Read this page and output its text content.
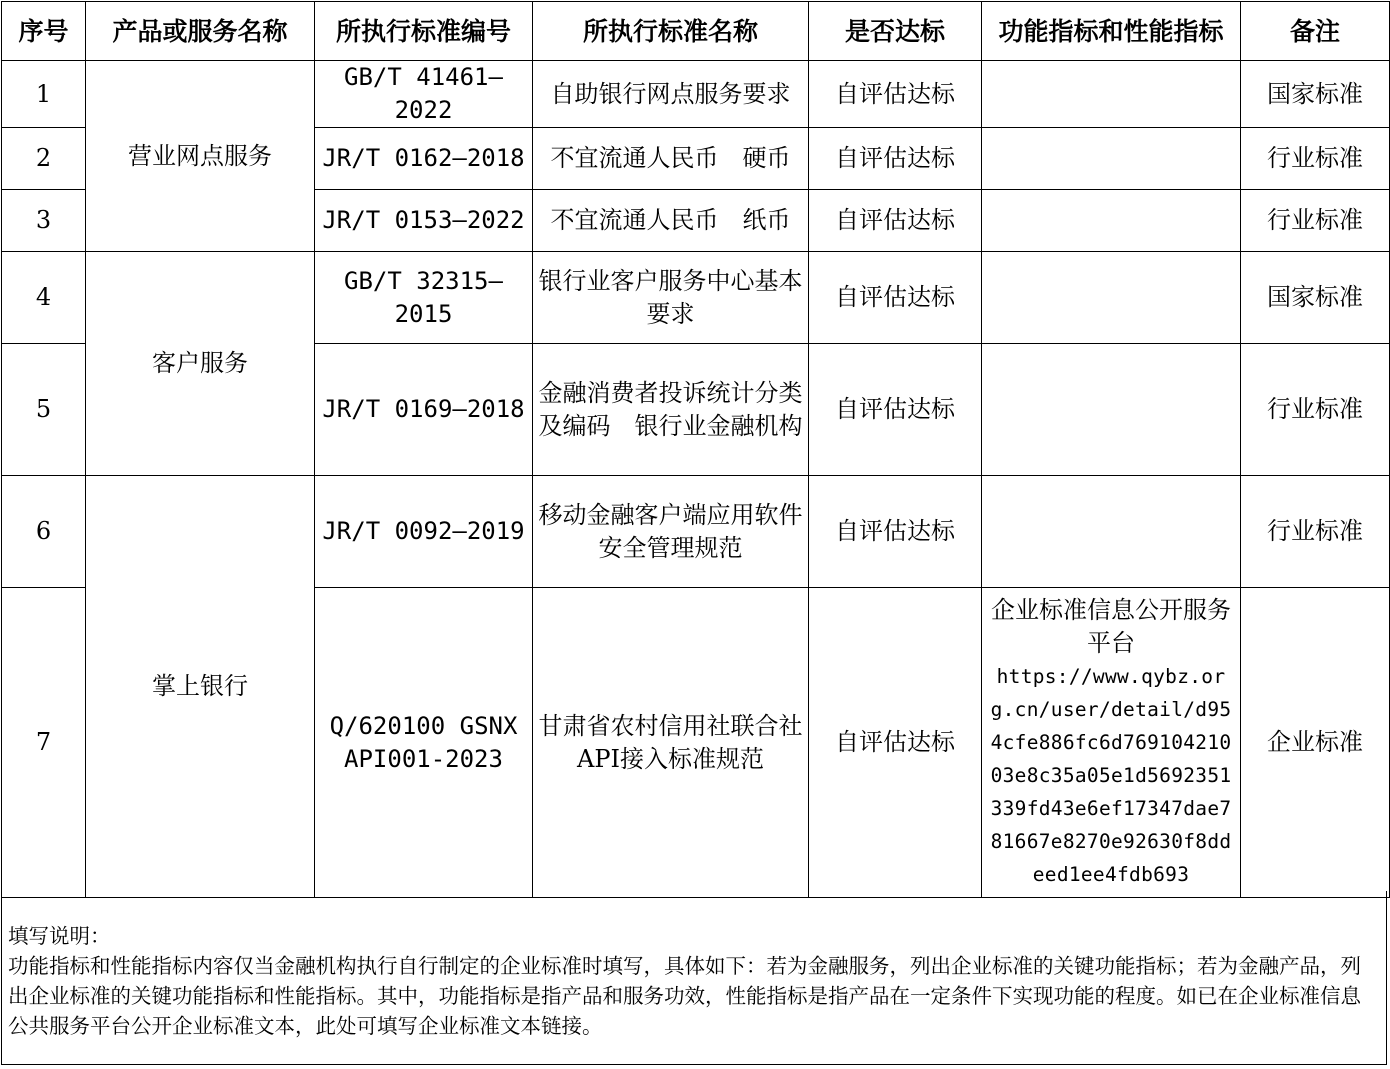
序号	产品或服务名称	所执行标准编号	所执行标准名称	是否达标	功能指标和性能指标	备注
1	营业网点服务	GB/T 41461—2022	自助银行网点服务要求	自评估达标		国家标准
2		JR/T 0162—2018	不宜流通人民币　硬币	自评估达标		行业标准
3		JR/T 0153—2022	不宜流通人民币　纸币	自评估达标		行业标准
4	客户服务	GB/T 32315—2015	银行业客户服务中心基本要求	自评估达标		国家标准
5		JR/T 0169—2018	金融消费者投诉统计分类及编码　银行业金融机构	自评估达标		行业标准
6	掌上银行	JR/T 0092—2019	移动金融客户端应用软件安全管理规范	自评估达标		行业标准
7		Q/620100 GSNX API001-2023	甘肃省农村信用社联合社API接入标准规范	自评估达标	企业标准信息公开服务平台
https://www.qybz.org.cn/user/detail/d954cfe886fc6d76910421003e8c35a05e1d5692351339fd43e6ef17347dae781667e8270e92630f8ddeed1ee4fdb693	企业标准

填写说明：

功能指标和性能指标内容仅当金融机构执行自行制定的企业标准时填写，具体如下：若为金融服务，列出企业标准的关键功能指标；若为金融产品，列出企业标准的关键功能指标和性能指标。其中，功能指标是指产品和服务功效，性能指标是指产品在一定条件下实现功能的程度。如已在企业标准信息公共服务平台公开企业标准文本，此处可填写企业标准文本链接。
